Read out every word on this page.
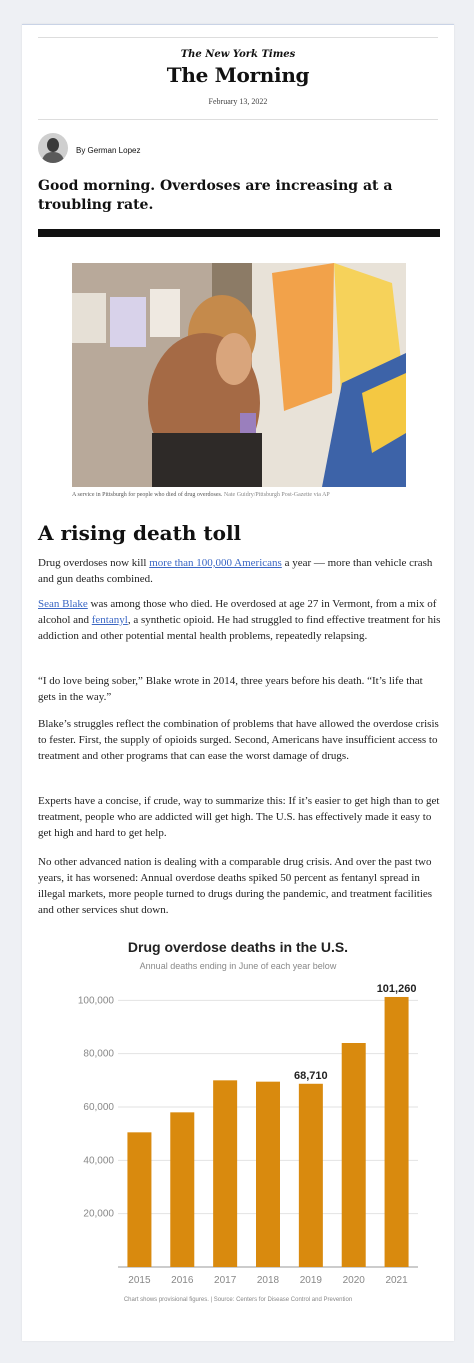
The New York Times
The Morning
February 13, 2022
By German Lopez
Good morning. Overdoses are increasing at a troubling rate.
A service in Pittsburgh for people who died of drug overdoses. Nate Guidry/Pittsburgh Post-Gazette via AP
A rising death toll
Drug overdoses now kill more than 100,000 Americans a year — more than vehicle crash and gun deaths combined.
Sean Blake was among those who died. He overdosed at age 27 in Vermont, from a mix of alcohol and fentanyl, a synthetic opioid. He had struggled to find effective treatment for his addiction and other potential mental health problems, repeatedly relapsing.
“I do love being sober,” Blake wrote in 2014, three years before his death. “It’s life that gets in the way.”
Blake’s struggles reflect the combination of problems that have allowed the overdose crisis to fester. First, the supply of opioids surged. Second, Americans have insufficient access to treatment and other programs that can ease the worst damage of drugs.
Experts have a concise, if crude, way to summarize this: If it’s easier to get high than to get treatment, people who are addicted will get high. The U.S. has effectively made it easy to get high and hard to get help.
No other advanced nation is dealing with a comparable drug crisis. And over the past two years, it has worsened: Annual overdose deaths spiked 50 percent as fentanyl spread in illegal markets, more people turned to drugs during the pandemic, and treatment facilities and other services shut down.
Drug overdose deaths in the U.S.
Annual deaths ending in June of each year below
20,000
40,000
60,000
80,000
100,000
2015 2016 2017 2018 2019 2020 2021
68,710
101,260
Chart shows provisional figures. | Source: Centers for Disease Control and Prevention
